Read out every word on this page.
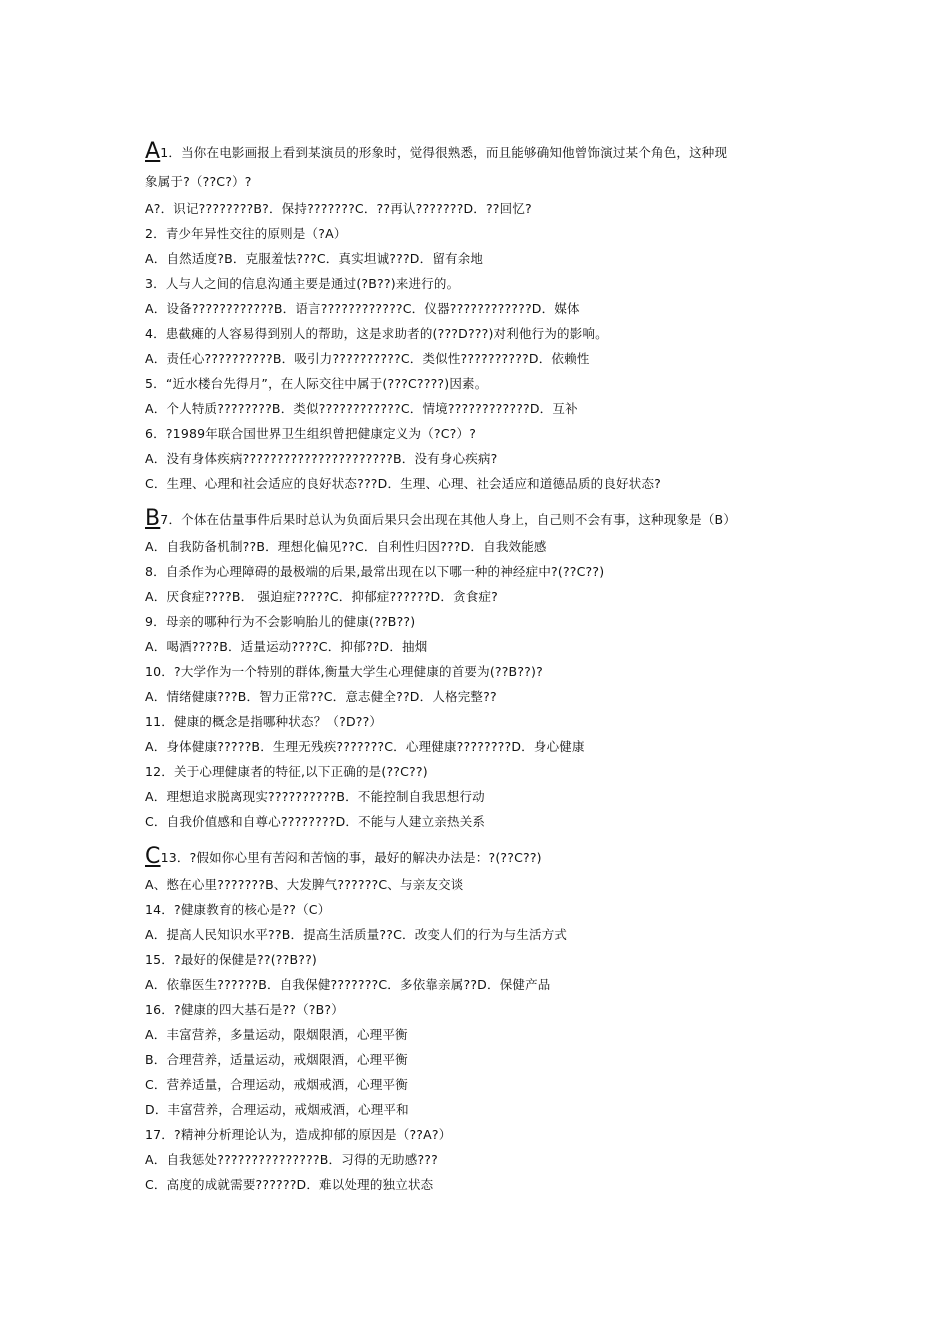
A1．当你在电影画报上看到某演员的形象时，觉得很熟悉，而且能够确知他曾饰演过某个角色，这种现
象属于?（??C?）?
A?．识记????????B?．保持???????C．??再认???????D．??回忆?
2．青少年异性交往的原则是（?A）
A．自然适度?B．克服羞怯???C．真实坦诚???D．留有余地
3．人与人之间的信息沟通主要是通过(?B??)来进行的。
A．设备????????????B．语言????????????C．仪器????????????D．媒体
4．患截瘫的人容易得到别人的帮助，这是求助者的(???D???)对利他行为的影响。
A．责任心??????????B．吸引力??????????C．类似性??????????D．依赖性
5．“近水楼台先得月”，在人际交往中属于(???C????)因素。
A．个人特质????????B．类似????????????C．情境????????????D．互补
6．?1989年联合国世界卫生组织曾把健康定义为（?C?）?
A．没有身体疾病??????????????????????B．没有身心疾病?
C．生理、心理和社会适应的良好状态???D．生理、心理、社会适应和道德品质的良好状态?
B7．个体在估量事件后果时总认为负面后果只会出现在其他人身上，自己则不会有事，这种现象是（B）
A．自我防备机制??B．理想化偏见??C．自利性归因???D．自我效能感
8．自杀作为心理障碍的最极端的后果,最常出现在以下哪一种的神经症中?(??C??)
A．厌食症????B． 强迫症?????C．抑郁症??????D．贪食症?
9．母亲的哪种行为不会影响胎儿的健康(??B??)
A．喝酒????B．适量运动????C．抑郁??D．抽烟
10．?大学作为一个特别的群体,衡量大学生心理健康的首要为(??B??)?
A．情绪健康???B．智力正常??C．意志健全??D．人格完整??
11．健康的概念是指哪种状态？（?D??）
A．身体健康?????B．生理无残疾???????C．心理健康????????D．身心健康
12．关于心理健康者的特征,以下正确的是(??C??)
A．理想追求脱离现实??????????B．不能控制自我思想行动
C．自我价值感和自尊心????????D．不能与人建立亲热关系
C13．?假如你心里有苦闷和苦恼的事，最好的解决办法是：?(??C??)
A、憋在心里???????B、大发脾气??????C、与亲友交谈
14．?健康教育的核心是??（C）
A．提高人民知识水平??B．提高生活质量??C．改变人们的行为与生活方式
15．?最好的保健是??(??B??)
A．依靠医生??????B．自我保健???????C．多依靠亲属??D．保健产品
16．?健康的四大基石是??（?B?）
A．丰富营养，多量运动，限烟限酒，心理平衡
B．合理营养，适量运动，戒烟限酒，心理平衡
C．营养适量，合理运动，戒烟戒酒，心理平衡
D．丰富营养，合理运动，戒烟戒酒，心理平和
17．?精神分析理论认为，造成抑郁的原因是（??A?）
A．自我惩处???????????????B．习得的无助感???
C．高度的成就需要??????D．难以处理的独立状态
